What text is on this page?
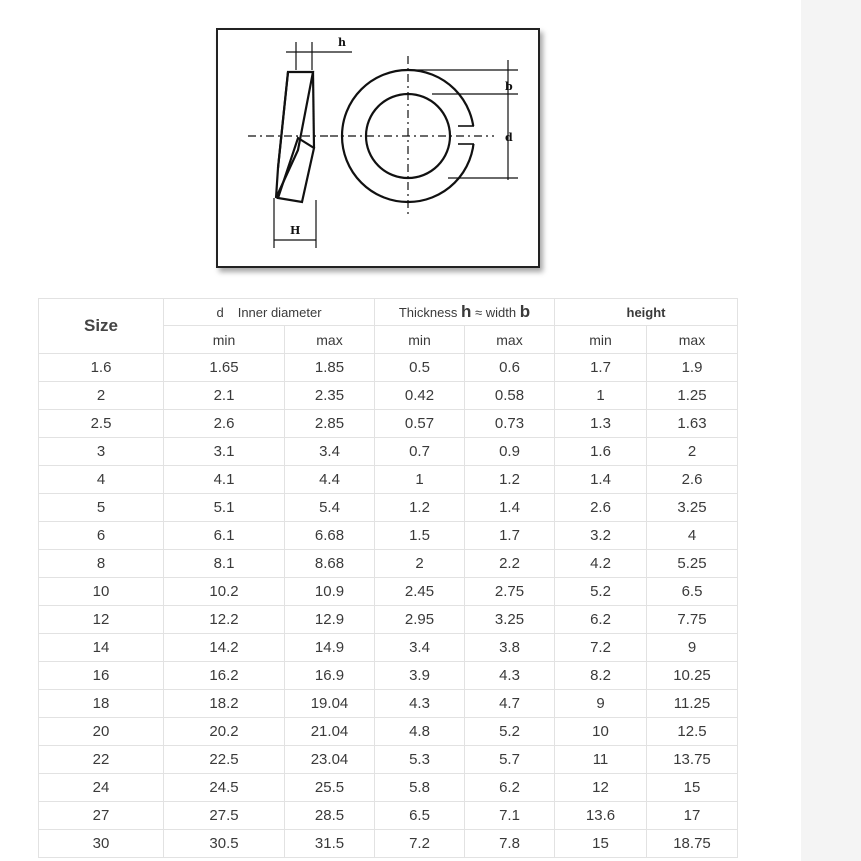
h
b
d
H
Size	d Inner diameter		Thickness h ≈ width b		height	
	min	max	min	max	min	max
1.6	1.65	1.85	0.5	0.6	1.7	1.9
2	2.1	2.35	0.42	0.58	1	1.25
2.5	2.6	2.85	0.57	0.73	1.3	1.63
3	3.1	3.4	0.7	0.9	1.6	2
4	4.1	4.4	1	1.2	1.4	2.6
5	5.1	5.4	1.2	1.4	2.6	3.25
6	6.1	6.68	1.5	1.7	3.2	4
8	8.1	8.68	2	2.2	4.2	5.25
10	10.2	10.9	2.45	2.75	5.2	6.5
12	12.2	12.9	2.95	3.25	6.2	7.75
14	14.2	14.9	3.4	3.8	7.2	9
16	16.2	16.9	3.9	4.3	8.2	10.25
18	18.2	19.04	4.3	4.7	9	11.25
20	20.2	21.04	4.8	5.2	10	12.5
22	22.5	23.04	5.3	5.7	11	13.75
24	24.5	25.5	5.8	6.2	12	15
27	27.5	28.5	6.5	7.1	13.6	17
30	30.5	31.5	7.2	7.8	15	18.75
